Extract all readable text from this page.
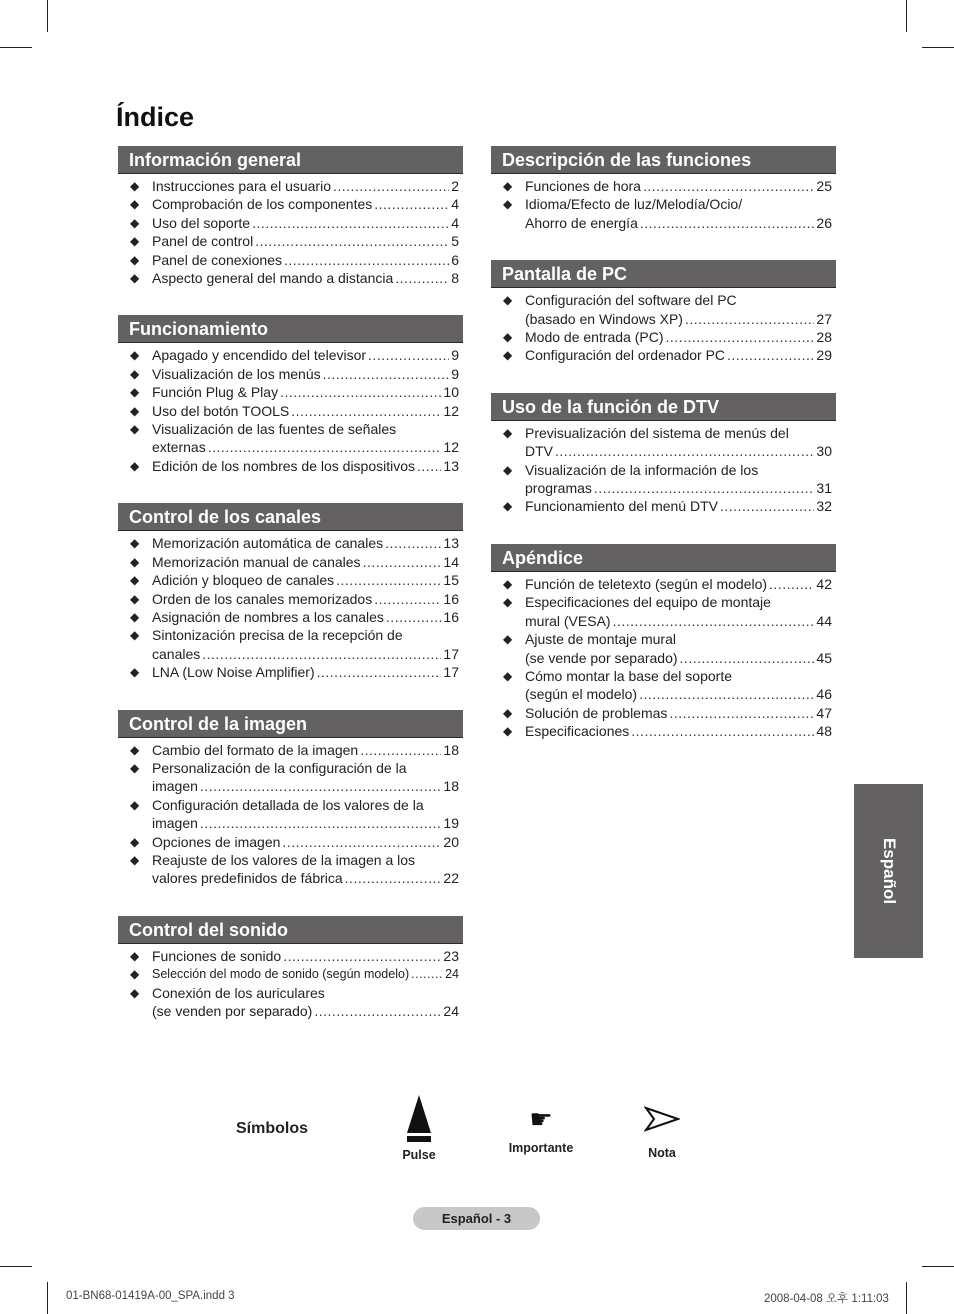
Índice
Información general
◆ Instrucciones para el usuario .....	2
◆ Comprobación de los componentes .....	4
◆ Uso del soporte .....	4
◆ Panel de control .....	5
◆ Panel de conexiones .....	6
◆ Aspecto general del mando a distancia .....	8
Funcionamiento
◆ Apagado y encendido del televisor .....	9
◆ Visualización de los menús .....	9
◆ Función Plug & Play .....	10
◆ Uso del botón TOOLS .....	12
◆ Visualización de las fuentes de señales
externas .....	12
◆ Edición de los nombres de los dispositivos ..... 13
Control de los canales
◆ Memorización automática de canales .....	13
◆ Memorización manual de canales .....	14
◆ Adición y bloqueo de canales .....	15
◆ Orden de los canales memorizados .....	16
◆ Asignación de nombres a los canales .....	16
◆ Sintonización precisa de la recepción de
canales .....	17
◆ LNA (Low Noise Amplifier) .....	17
Control de la imagen
◆ Cambio del formato de la imagen .....	18
◆ Personalización de la configuración de la
imagen .....	18
◆ Configuración detallada de los valores de la
imagen .....	19
◆ Opciones de imagen .....	20
◆ Reajuste de los valores de la imagen a los
valores predefinidos de fábrica .....	22
Control del sonido
◆ Funciones de sonido .....	23
◆ Selección del modo de sonido (según modelo) .....	24
◆ Conexión de los auriculares
(se venden por separado) .....	24
Descripción de las funciones
◆ Funciones de hora .....	25
◆ Idioma/Efecto de luz/Melodía/Ocio/
Ahorro de energía .....	26
Pantalla de PC
◆ Configuración del software del PC
(basado en Windows XP) .....	27
◆ Modo de entrada (PC) .....	28
◆ Configuración del ordenador PC .....	29
Uso de la función de DTV
◆ Previsualización del sistema de menús del
DTV .....	30
◆ Visualización de la información de los
programas .....	31
◆ Funcionamiento del menú DTV .....	32
Apéndice
◆ Función de teletexto (según el modelo) .....	42
◆ Especificaciones del equipo de montaje
mural (VESA) .....	44
◆ Ajuste de montaje mural
(se vende por separado) .....	45
◆ Cómo montar la base del soporte
(según el modelo) .....	46
◆ Solución de problemas .....	47
◆ Especificaciones .....	48
Español
Símbolos
Pulse
☛
Importante	Nota
Español - 3
01-BN68-01419A-00_SPA.indd 3	2008-04-08 오후 1:11:03
